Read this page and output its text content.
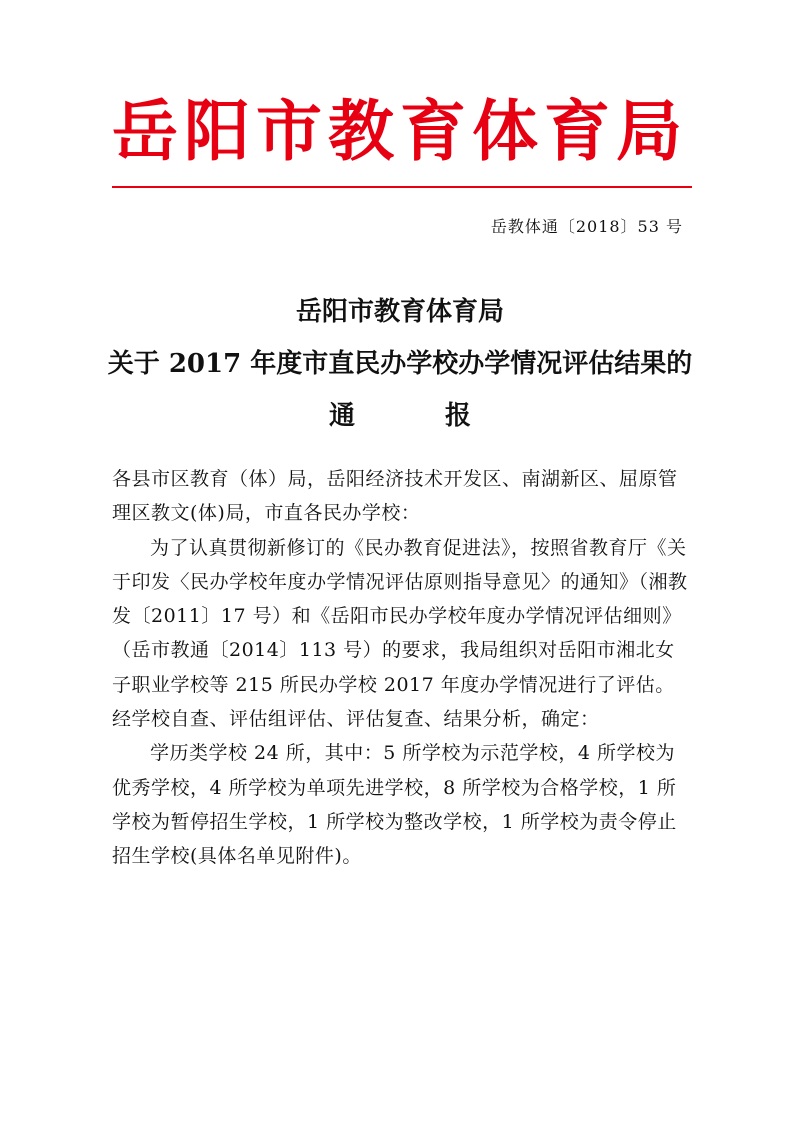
岳阳市教育体育局
岳教体通〔2018〕53 号
岳阳市教育体育局
关于 2017 年度市直民办学校办学情况评估结果的
通报

各县市区教育（体）局，岳阳经济技术开发区、南湖新区、屈原管理区教文(体)局，市直各民办学校：

为了认真贯彻新修订的《民办教育促进法》，按照省教育厅《关于印发〈民办学校年度办学情况评估原则指导意见〉的通知》（湘教发〔2011〕17 号）和《岳阳市民办学校年度办学情况评估细则》（岳市教通〔2014〕113 号）的要求，我局组织对岳阳市湘北女子职业学校等 215 所民办学校 2017 年度办学情况进行了评估。经学校自查、评估组评估、评估复查、结果分析，确定：

学历类学校 24 所，其中：5 所学校为示范学校，4 所学校为优秀学校，4 所学校为单项先进学校，8 所学校为合格学校，1 所学校为暂停招生学校，1 所学校为整改学校，1 所学校为责令停止招生学校(具体名单见附件)。
